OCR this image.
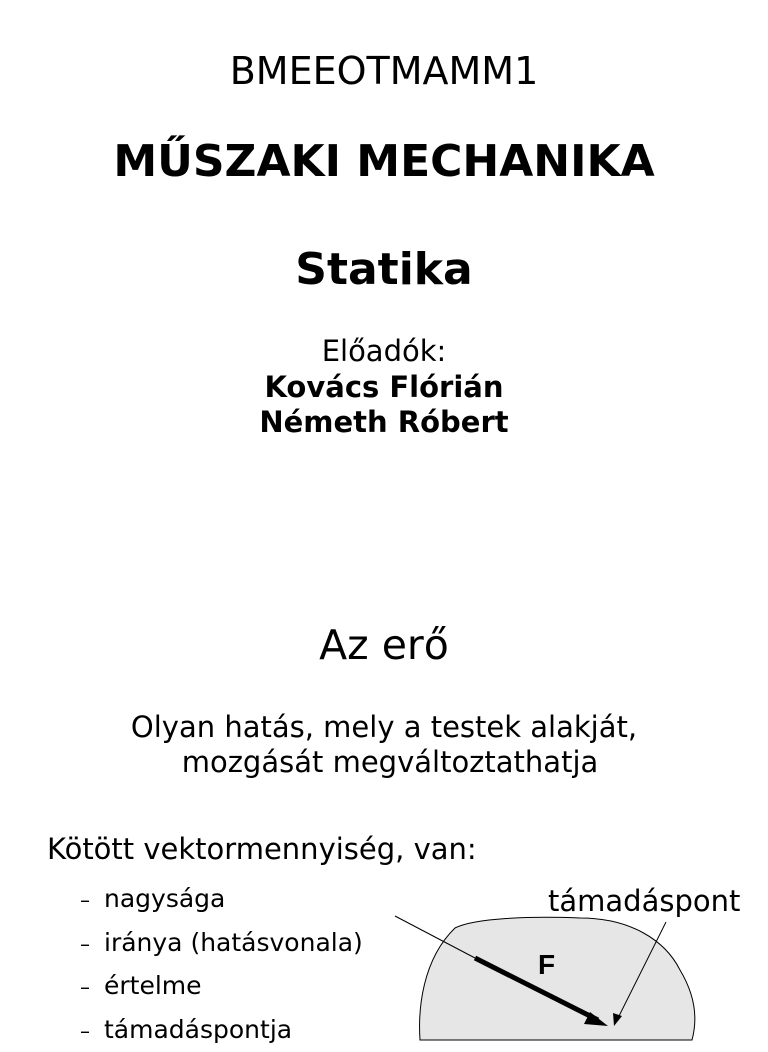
BMEEOTMAMM1
MŰSZAKI MECHANIKA
Statika
Előadók:
Kovács Flórián
Németh Róbert
Az erő
Olyan hatás, mely a testek alakját,
mozgását megváltoztathatja
Kötött vektormennyiség, van:
– nagysága
– iránya (hatásvonala)
– értelme
– támadáspontja
F
támadáspont
